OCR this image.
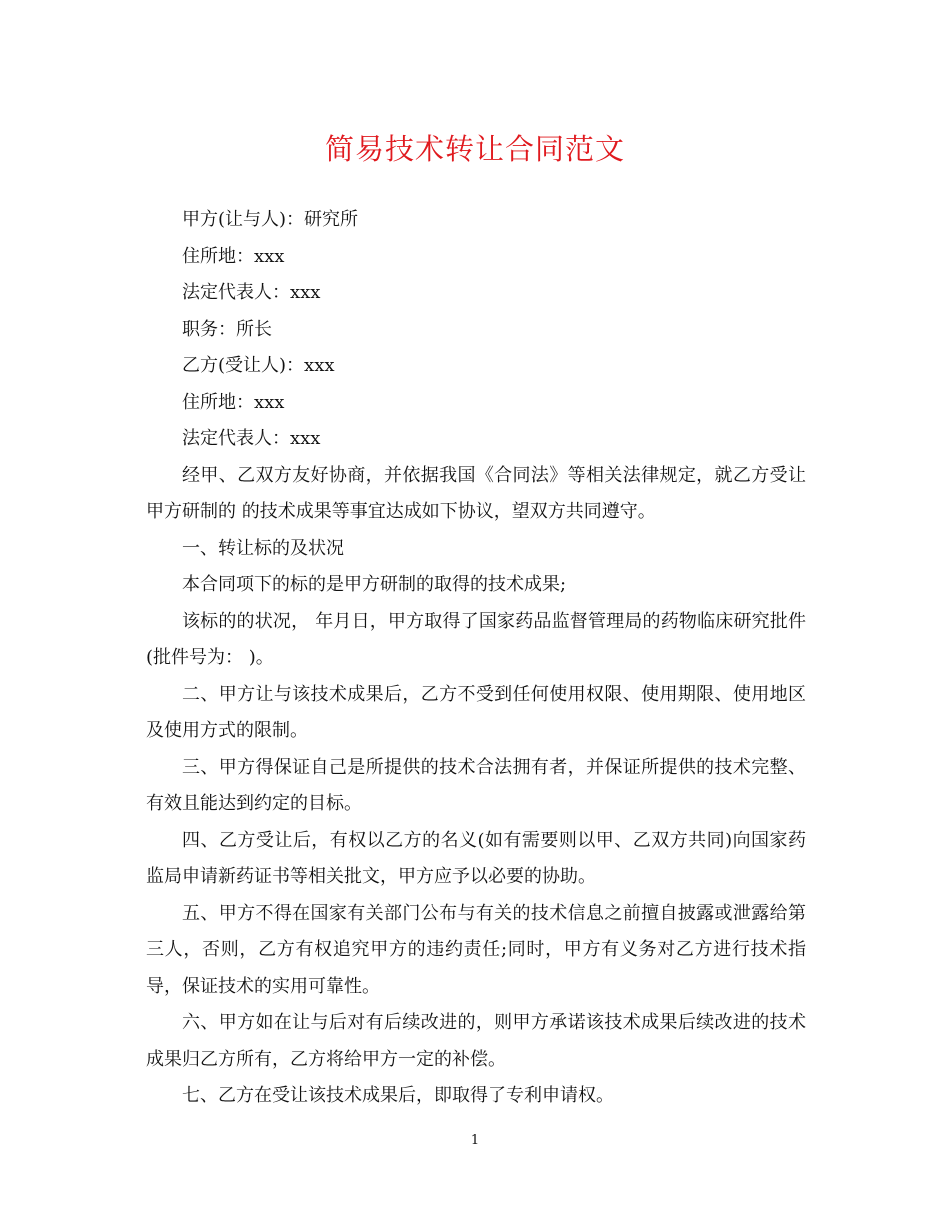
简易技术转让合同范文

甲方(让与人)：研究所

住所地：xxx

法定代表人：xxx

职务：所长

乙方(受让人)：xxx

住所地：xxx

法定代表人：xxx

经甲、乙双方友好协商，并依据我国《合同法》等相关法律规定，就乙方受让甲方研制的 的技术成果等事宜达成如下协议，望双方共同遵守。

一、转让标的及状况

本合同项下的标的是甲方研制的取得的技术成果;

该标的的状况， 年月日，甲方取得了国家药品监督管理局的药物临床研究批件(批件号为： )。

二、甲方让与该技术成果后，乙方不受到任何使用权限、使用期限、使用地区及使用方式的限制。

三、甲方得保证自己是所提供的技术合法拥有者，并保证所提供的技术完整、有效且能达到约定的目标。

四、乙方受让后，有权以乙方的名义(如有需要则以甲、乙双方共同)向国家药监局申请新药证书等相关批文，甲方应予以必要的协助。

五、甲方不得在国家有关部门公布与有关的技术信息之前擅自披露或泄露给第三人，否则，乙方有权追究甲方的违约责任;同时，甲方有义务对乙方进行技术指导，保证技术的实用可靠性。

六、甲方如在让与后对有后续改进的，则甲方承诺该技术成果后续改进的技术成果归乙方所有，乙方将给甲方一定的补偿。

七、乙方在受让该技术成果后，即取得了专利申请权。

1
